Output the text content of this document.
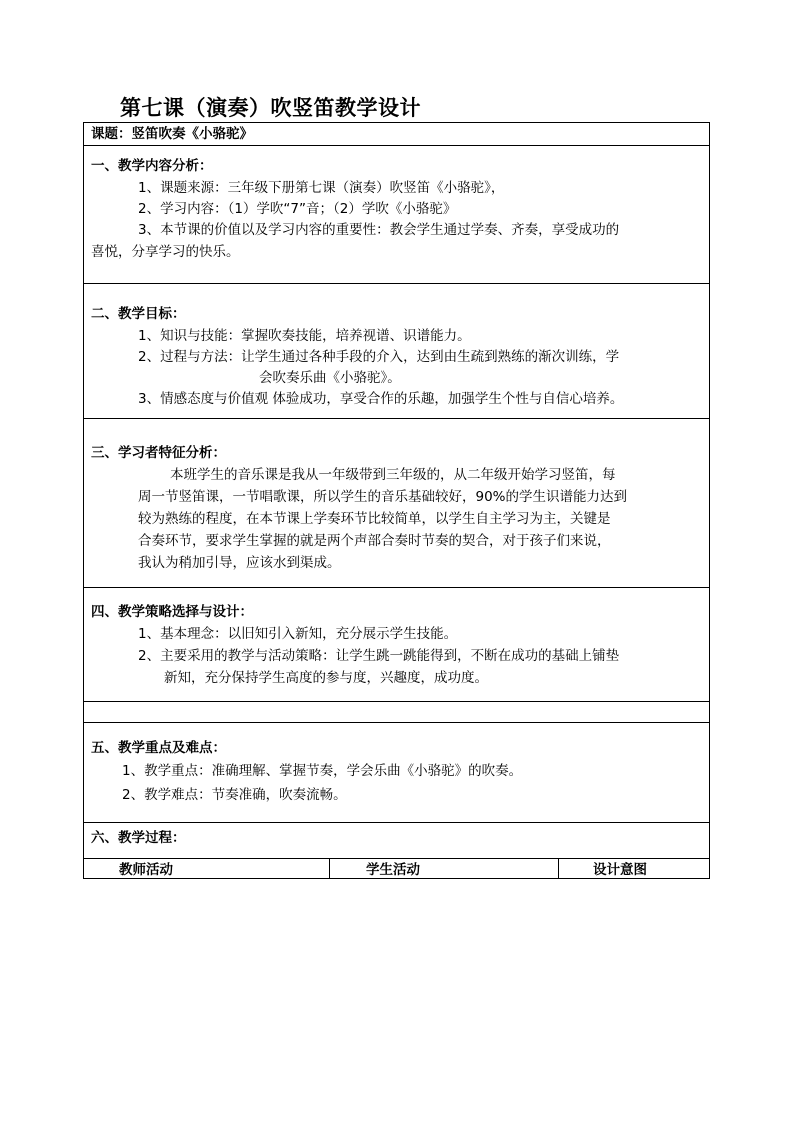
第七课（演奏）吹竖笛教学设计
课题：竖笛吹奏《小骆驼》
一、教学内容分析：
1、课题来源：三年级下册第七课（演奏）吹竖笛《小骆驼》，
2、学习内容：（1）学吹“7”音；（2）学吹《小骆驼》
3、本节课的价值以及学习内容的重要性：教会学生通过学奏、齐奏，享受成功的
喜悦，分享学习的快乐。
二、教学目标：
1、知识与技能：掌握吹奏技能，培养视谱、识谱能力。
2、过程与方法：让学生通过各种手段的介入，达到由生疏到熟练的渐次训练，学
会吹奏乐曲《小骆驼》。
3、情感态度与价值观 体验成功，享受合作的乐趣，加强学生个性与自信心培养。
三、学习者特征分析：
本班学生的音乐课是我从一年级带到三年级的，从二年级开始学习竖笛，每
周一节竖笛课，一节唱歌课，所以学生的音乐基础较好，90%的学生识谱能力达到
较为熟练的程度，在本节课上学奏环节比较简单，以学生自主学习为主，关键是
合奏环节，要求学生掌握的就是两个声部合奏时节奏的契合，对于孩子们来说，
我认为稍加引导，应该水到渠成。
四、教学策略选择与设计：
1、基本理念：以旧知引入新知，充分展示学生技能。
2、主要采用的教学与活动策略：让学生跳一跳能得到，不断在成功的基础上铺垫
新知，充分保持学生高度的参与度，兴趣度，成功度。
五、教学重点及难点：
1、教学重点：准确理解、掌握节奏，学会乐曲《小骆驼》的吹奏。
2、教学难点：节奏准确，吹奏流畅。
六、教学过程：
教师活动	学生活动	设计意图
